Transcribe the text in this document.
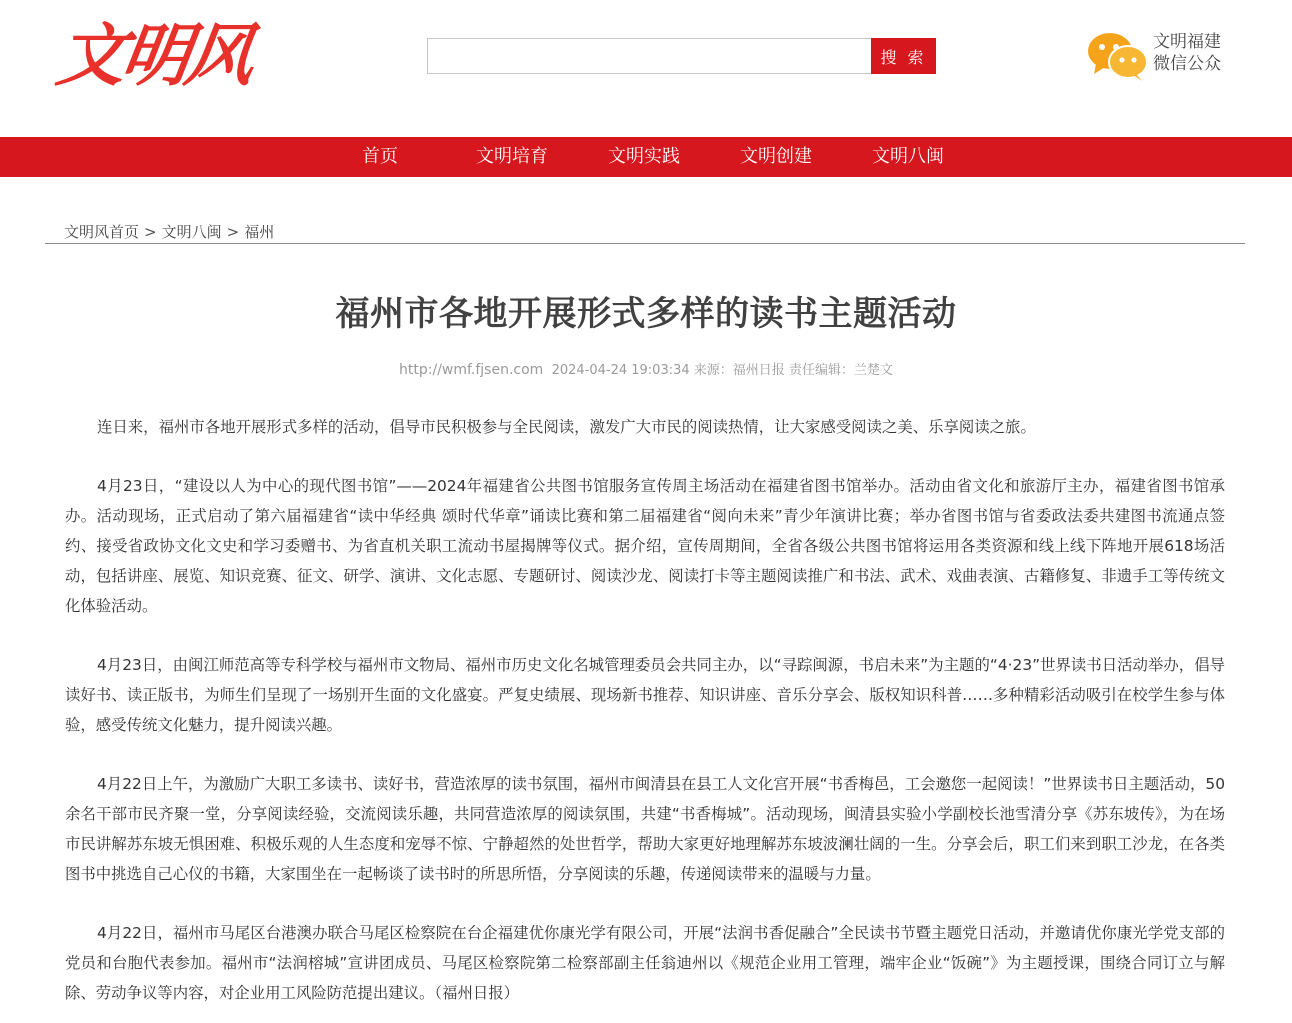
文明风	搜 索
文明福建
微信公众
首页	文明培育	文明实践	文明创建	文明八闽
文明风首页 > 文明八闽 > 福州
福州市各地开展形式多样的读书主题活动
http://wmf.fjsen.com 2024-04-24 19:03:34 来源：福州日报 责任编辑：兰楚文

连日来，福州市各地开展形式多样的活动，倡导市民积极参与全民阅读，激发广大市民的阅读热情，让大家感受阅读之美、乐享阅读之旅。

4月23日，“建设以人为中心的现代图书馆”——2024年福建省公共图书馆服务宣传周主场活动在福建省图书馆举办。活动由省文化和旅游厅主办，福建省图书馆承办。活动现场，正式启动了第六届福建省“读中华经典 颂时代华章”诵读比赛和第二届福建省“阅向未来”青少年演讲比赛；举办省图书馆与省委政法委共建图书流通点签约、接受省政协文化文史和学习委赠书、为省直机关职工流动书屋揭牌等仪式。据介绍，宣传周期间，全省各级公共图书馆将运用各类资源和线上线下阵地开展618场活动，包括讲座、展览、知识竞赛、征文、研学、演讲、文化志愿、专题研讨、阅读沙龙、阅读打卡等主题阅读推广和书法、武术、戏曲表演、古籍修复、非遗手工等传统文化体验活动。

4月23日，由闽江师范高等专科学校与福州市文物局、福州市历史文化名城管理委员会共同主办，以“寻踪闽源，书启未来”为主题的“4·23”世界读书日活动举办，倡导读好书、读正版书，为师生们呈现了一场别开生面的文化盛宴。严复史绩展、现场新书推荐、知识讲座、音乐分享会、版权知识科普……多种精彩活动吸引在校学生参与体验，感受传统文化魅力，提升阅读兴趣。

4月22日上午，为激励广大职工多读书、读好书，营造浓厚的读书氛围，福州市闽清县在县工人文化宫开展“书香梅邑，工会邀您一起阅读！”世界读书日主题活动，50余名干部市民齐聚一堂，分享阅读经验，交流阅读乐趣，共同营造浓厚的阅读氛围，共建“书香梅城”。活动现场，闽清县实验小学副校长池雪清分享《苏东坡传》，为在场市民讲解苏东坡无惧困难、积极乐观的人生态度和宠辱不惊、宁静超然的处世哲学，帮助大家更好地理解苏东坡波澜壮阔的一生。分享会后，职工们来到职工沙龙，在各类图书中挑选自己心仪的书籍，大家围坐在一起畅谈了读书时的所思所悟，分享阅读的乐趣，传递阅读带来的温暖与力量。

4月22日，福州市马尾区台港澳办联合马尾区检察院在台企福建优你康光学有限公司，开展“法润书香促融合”全民读书节暨主题党日活动，并邀请优你康光学党支部的党员和台胞代表参加。福州市“法润榕城”宣讲团成员、马尾区检察院第二检察部副主任翁迪州以《规范企业用工管理，端牢企业“饭碗”》为主题授课，围绕合同订立与解除、劳动争议等内容，对企业用工风险防范提出建议。（福州日报）
